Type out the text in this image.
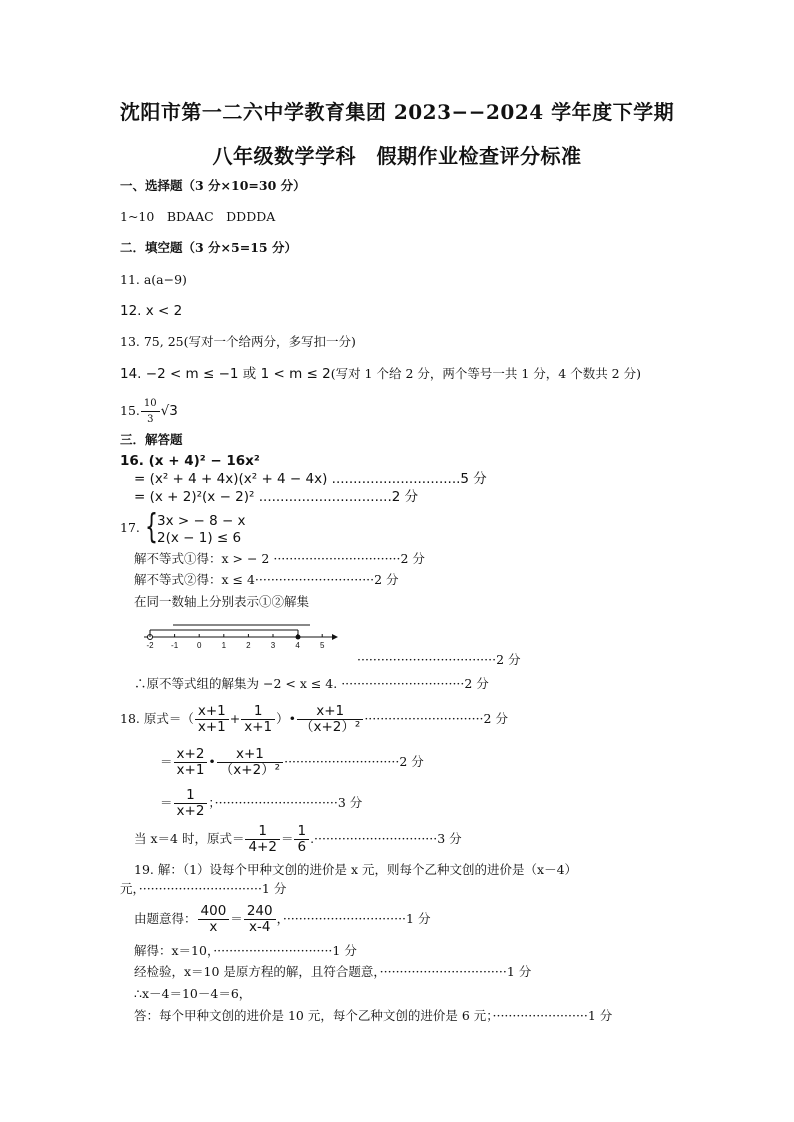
沈阳市第一二六中学教育集团 2023−−2024 学年度下学期
八年级数学学科　假期作业检查评分标准
一、选择题（3 分×10=30 分）
1~10　BDAAC　DDDDA
二．填空题（3 分×5=15 分）
11. a(a−9)
12. x < 2
13. 75, 25(写对一个给两分，多写扣一分)
14. −2 < m ≤ −1 或 1 < m ≤ 2(写对 1 个给 2 分，两个等号一共 1 分，4 个数共 2 分)
15. $\frac{10}{3} √3$
三．解答题
16. (x + 4)² − 16x²
= (x² + 4 + 4x)(x² + 4 − 4x) ..............................5 分
= (x + 2)²(x − 2)² ...............................2 分
17. { 3x > − 8 − x
2(x − 1) ≤ 6
解不等式①得：x > − 2 ································2 分
解不等式②得：x ≤ 4······························2 分
在同一数轴上分别表示①②解集
-2 -1 0	1	2	3	4	5
···································2 分
∴原不等式组的解集为 −2 < x ≤ 4. ·······························2 分
18. 原式＝（ $\frac{x+1}{x+1} + \frac{1}{x+1}$ ）• $\frac{x+1}{\text{（x+2）²}} \cdot\cdot\cdot\cdot\cdot\cdot\cdot\cdot\cdot\cdot\cdot\cdot\cdot\cdot\cdot\cdot\cdot\cdot\cdot\cdot\cdot\cdot\cdot\cdot\cdot\cdot\cdot\cdot\cdot\cdot 2$ 分
＝ $\frac{x+2}{x+1}$ • $\frac{x+1}{\text{（x+2）²}} \cdot\cdot\cdot\cdot\cdot\cdot\cdot\cdot\cdot\cdot\cdot\cdot\cdot\cdot\cdot\cdot\cdot\cdot\cdot\cdot\cdot\cdot\cdot\cdot\cdot\cdot\cdot\cdot\cdot 2$ 分
＝ $\frac{1}{x+2}$ ；·······························3 分
当 x＝4 时，原式＝ $\frac{1}{4+2} = \frac{1}{6} .\cdot\cdot\cdot\cdot\cdot\cdot\cdot\cdot\cdot\cdot\cdot\cdot\cdot\cdot\cdot\cdot\cdot\cdot\cdot\cdot\cdot\cdot\cdot\cdot\cdot\cdot\cdot\cdot\cdot\cdot\cdot 3$ 分
19. 解：（1）设每个甲种文创的进价是 x 元，则每个乙种文创的进价是（x－4）
元，·······························1 分
由题意得： $\frac{400}{x} = \frac{240}{x-4}$ ，·······························1 分
解得：x＝10，······························1 分
经检验，x＝10 是原方程的解，且符合题意，································1 分
∴x－4＝10－4＝6，
答：每个甲种文创的进价是 10 元，每个乙种文创的进价是 6 元；························1 分
